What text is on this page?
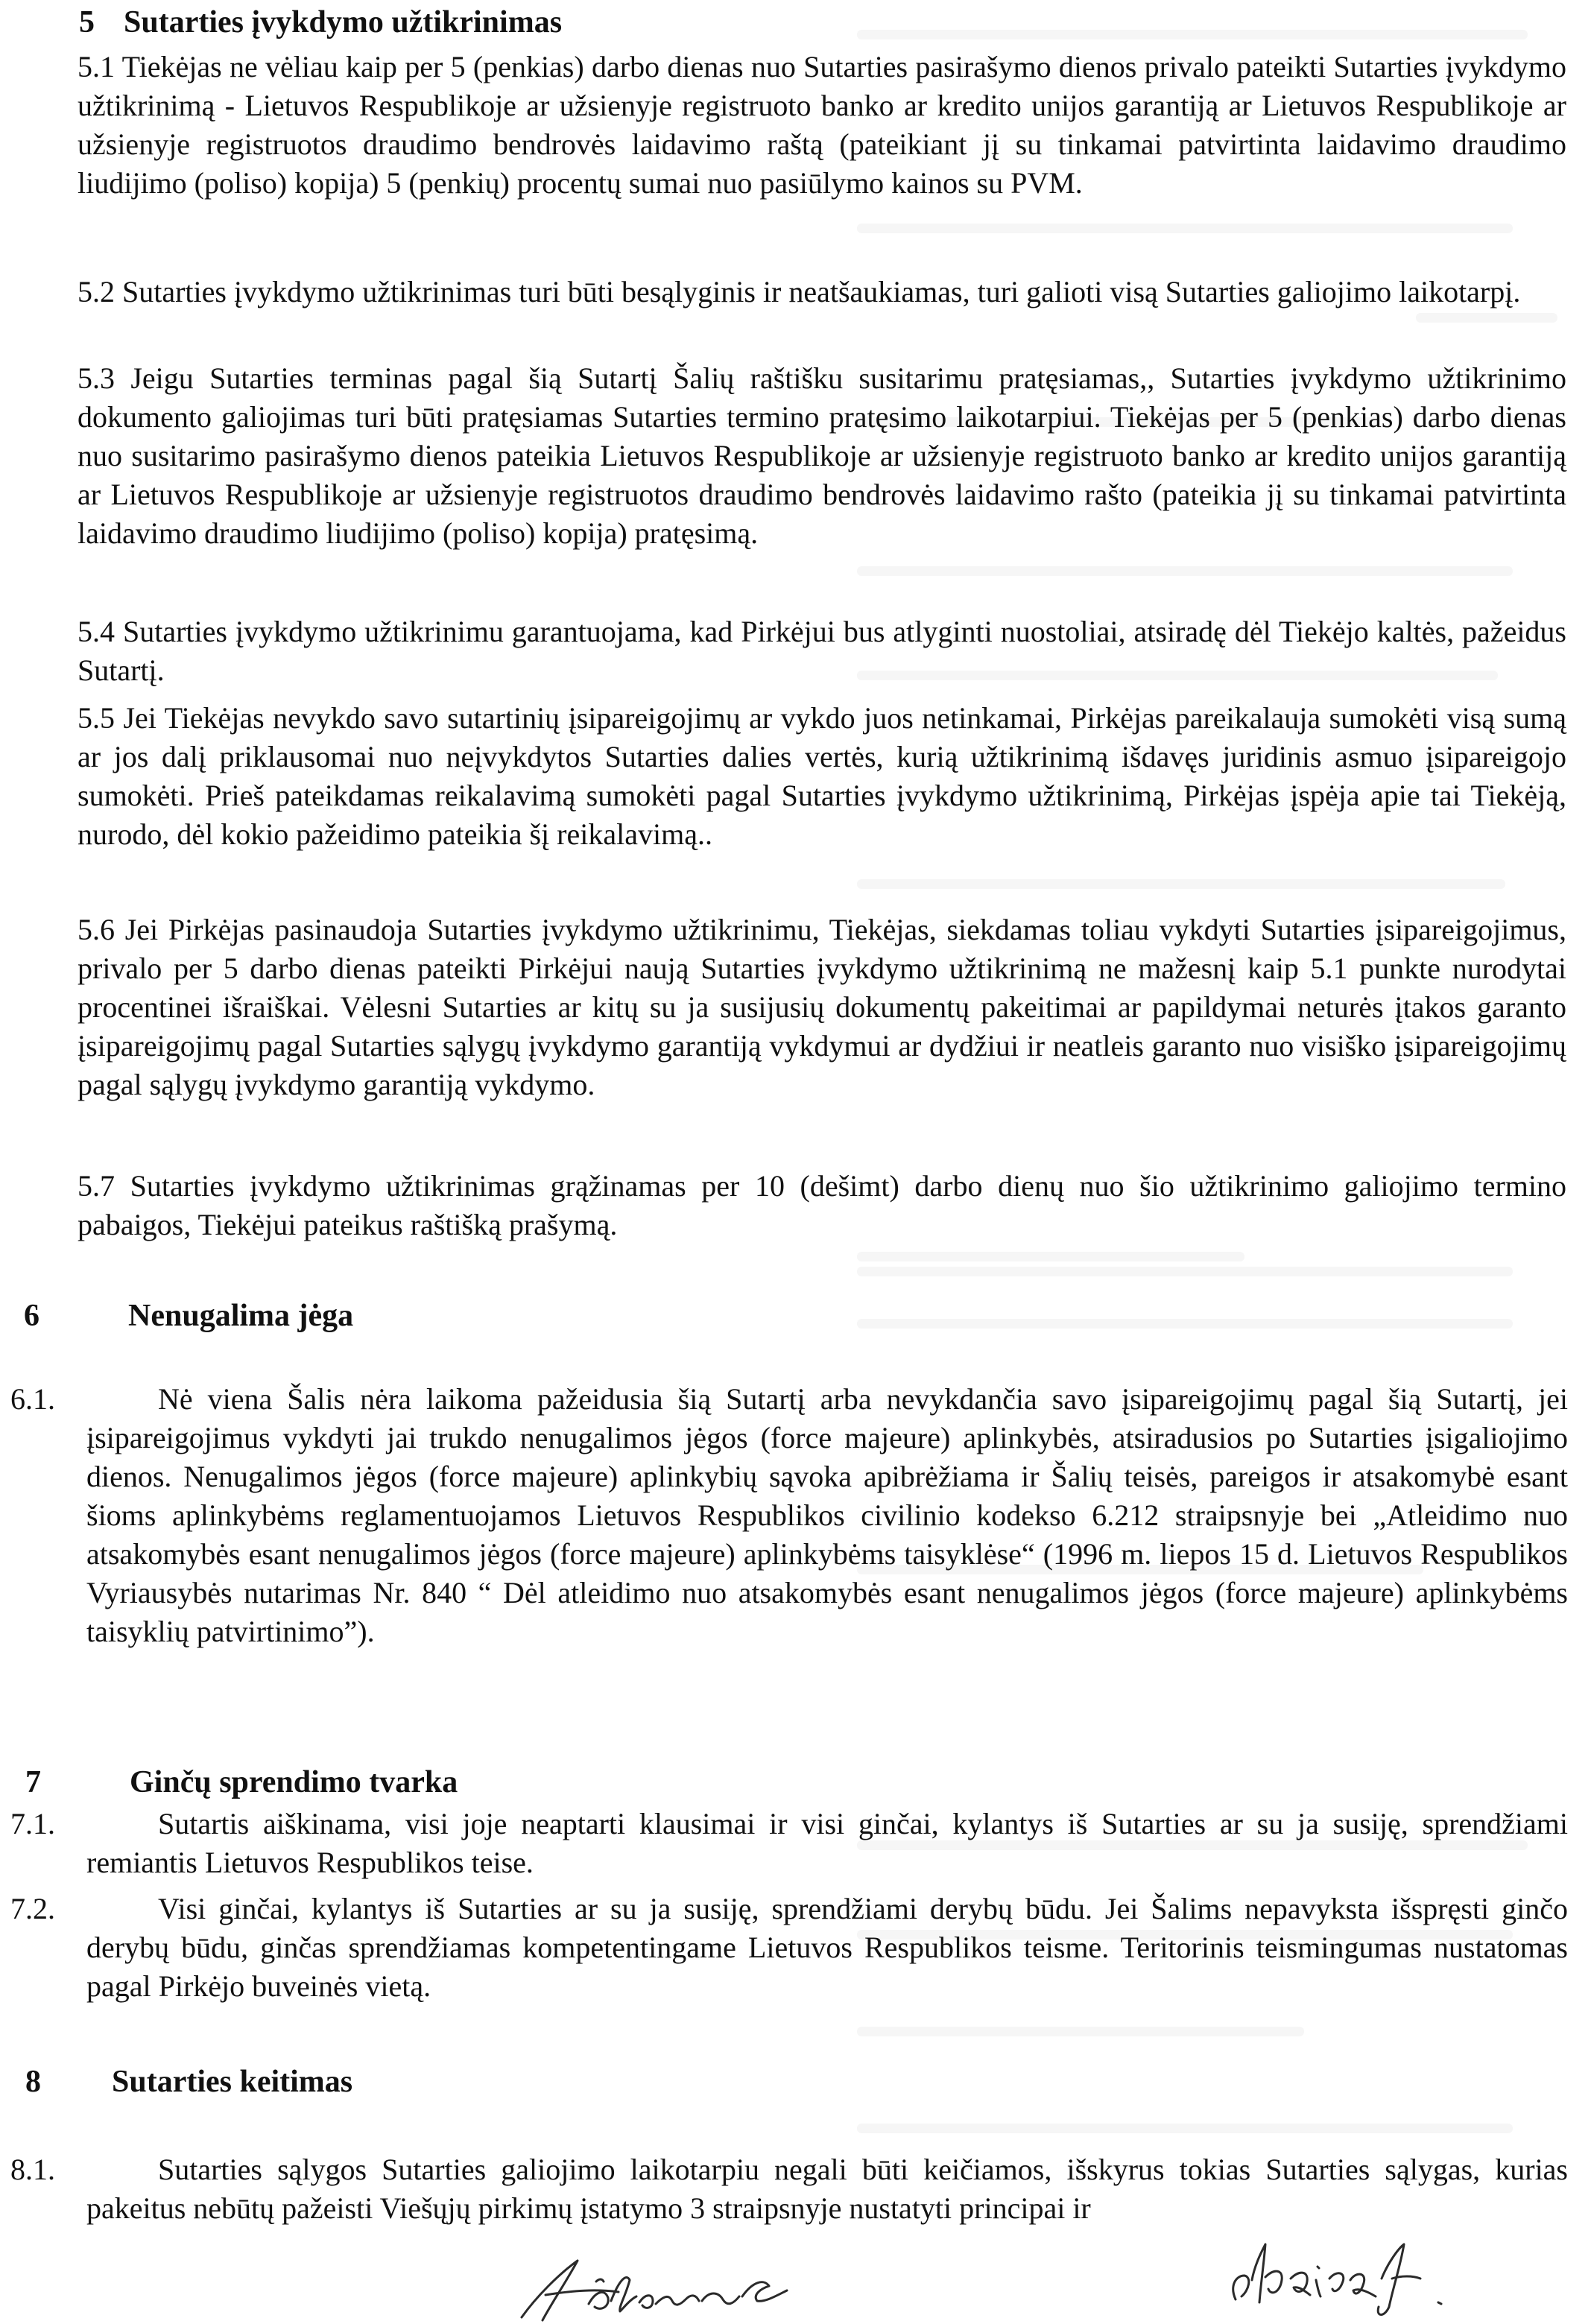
5 Sutarties įvykdymo užtikrinimas
5.1 Tiekėjas ne vėliau kaip per 5 (penkias) darbo dienas nuo Sutarties pasirašymo dienos privalo pateikti Sutarties įvykdymo užtikrinimą - Lietuvos Respublikoje ar užsienyje registruoto banko ar kredito unijos garantiją ar Lietuvos Respublikoje ar užsienyje registruotos draudimo bendrovės laidavimo raštą (pateikiant jį su tinkamai patvirtinta laidavimo draudimo liudijimo (poliso) kopija) 5 (penkių) procentų sumai nuo pasiūlymo kainos su PVM.
5.2 Sutarties įvykdymo užtikrinimas turi būti besąlyginis ir neatšaukiamas, turi galioti visą Sutarties galiojimo laikotarpį.
5.3 Jeigu Sutarties terminas pagal šią Sutartį Šalių raštišku susitarimu pratęsiamas,, Sutarties įvykdymo užtikrinimo dokumento galiojimas turi būti pratęsiamas Sutarties termino pratęsimo laikotarpiui. Tiekėjas per 5 (penkias) darbo dienas nuo susitarimo pasirašymo dienos pateikia Lietuvos Respublikoje ar užsienyje registruoto banko ar kredito unijos garantiją ar Lietuvos Respublikoje ar užsienyje registruotos draudimo bendrovės laidavimo rašto (pateikia jį su tinkamai patvirtinta laidavimo draudimo liudijimo (poliso) kopija) pratęsimą.
5.4 Sutarties įvykdymo užtikrinimu garantuojama, kad Pirkėjui bus atlyginti nuostoliai, atsiradę dėl Tiekėjo kaltės, pažeidus Sutartį.
5.5 Jei Tiekėjas nevykdo savo sutartinių įsipareigojimų ar vykdo juos netinkamai, Pirkėjas pareikalauja sumokėti visą sumą ar jos dalį priklausomai nuo neįvykdytos Sutarties dalies vertės, kurią užtikrinimą išdavęs juridinis asmuo įsipareigojo sumokėti. Prieš pateikdamas reikalavimą sumokėti pagal Sutarties įvykdymo užtikrinimą, Pirkėjas įspėja apie tai Tiekėją, nurodo, dėl kokio pažeidimo pateikia šį reikalavimą..
5.6 Jei Pirkėjas pasinaudoja Sutarties įvykdymo užtikrinimu, Tiekėjas, siekdamas toliau vykdyti Sutarties įsipareigojimus, privalo per 5 darbo dienas pateikti Pirkėjui naują Sutarties įvykdymo užtikrinimą ne mažesnį kaip 5.1 punkte nurodytai procentinei išraiškai. Vėlesni Sutarties ar kitų su ja susijusių dokumentų pakeitimai ar papildymai neturės įtakos garanto įsipareigojimų pagal Sutarties sąlygų įvykdymo garantiją vykdymui ar dydžiui ir neatleis garanto nuo visiško įsipareigojimų pagal sąlygų įvykdymo garantiją vykdymo.
5.7 Sutarties įvykdymo užtikrinimas grąžinamas per 10 (dešimt) darbo dienų nuo šio užtikrinimo galiojimo termino pabaigos, Tiekėjui pateikus raštišką prašymą.
6	Nenugalima jėga
6.1.	Nė viena Šalis nėra laikoma pažeidusia šią Sutartį arba nevykdančia savo įsipareigojimų pagal šią Sutartį, jei įsipareigojimus vykdyti jai trukdo nenugalimos jėgos (force majeure) aplinkybės, atsiradusios po Sutarties įsigaliojimo dienos. Nenugalimos jėgos (force majeure) aplinkybių sąvoka apibrėžiama ir Šalių teisės, pareigos ir atsakomybė esant šioms aplinkybėms reglamentuojamos Lietuvos Respublikos civilinio kodekso 6.212 straipsnyje bei „Atleidimo nuo atsakomybės esant nenugalimos jėgos (force majeure) aplinkybėms taisyklėse“ (1996 m. liepos 15 d. Lietuvos Respublikos Vyriausybės nutarimas Nr. 840 “ Dėl atleidimo nuo atsakomybės esant nenugalimos jėgos (force majeure) aplinkybėms taisyklių patvirtinimo”).
7	Ginčų sprendimo tvarka
7.1.	Sutartis aiškinama, visi joje neaptarti klausimai ir visi ginčai, kylantys iš Sutarties ar su ja susiję, sprendžiami remiantis Lietuvos Respublikos teise.
7.2.	Visi ginčai, kylantys iš Sutarties ar su ja susiję, sprendžiami derybų būdu. Jei Šalims nepavyksta išspręsti ginčo derybų būdu, ginčas sprendžiamas kompetentingame Lietuvos Respublikos teisme. Teritorinis teismingumas nustatomas pagal Pirkėjo buveinės vietą.
8 Sutarties keitimas
8.1.	Sutarties sąlygos Sutarties galiojimo laikotarpiu negali būti keičiamos, išskyrus tokias Sutarties sąlygas, kurias pakeitus nebūtų pažeisti Viešųjų pirkimų įstatymo 3 straipsnyje nustatyti principai ir
